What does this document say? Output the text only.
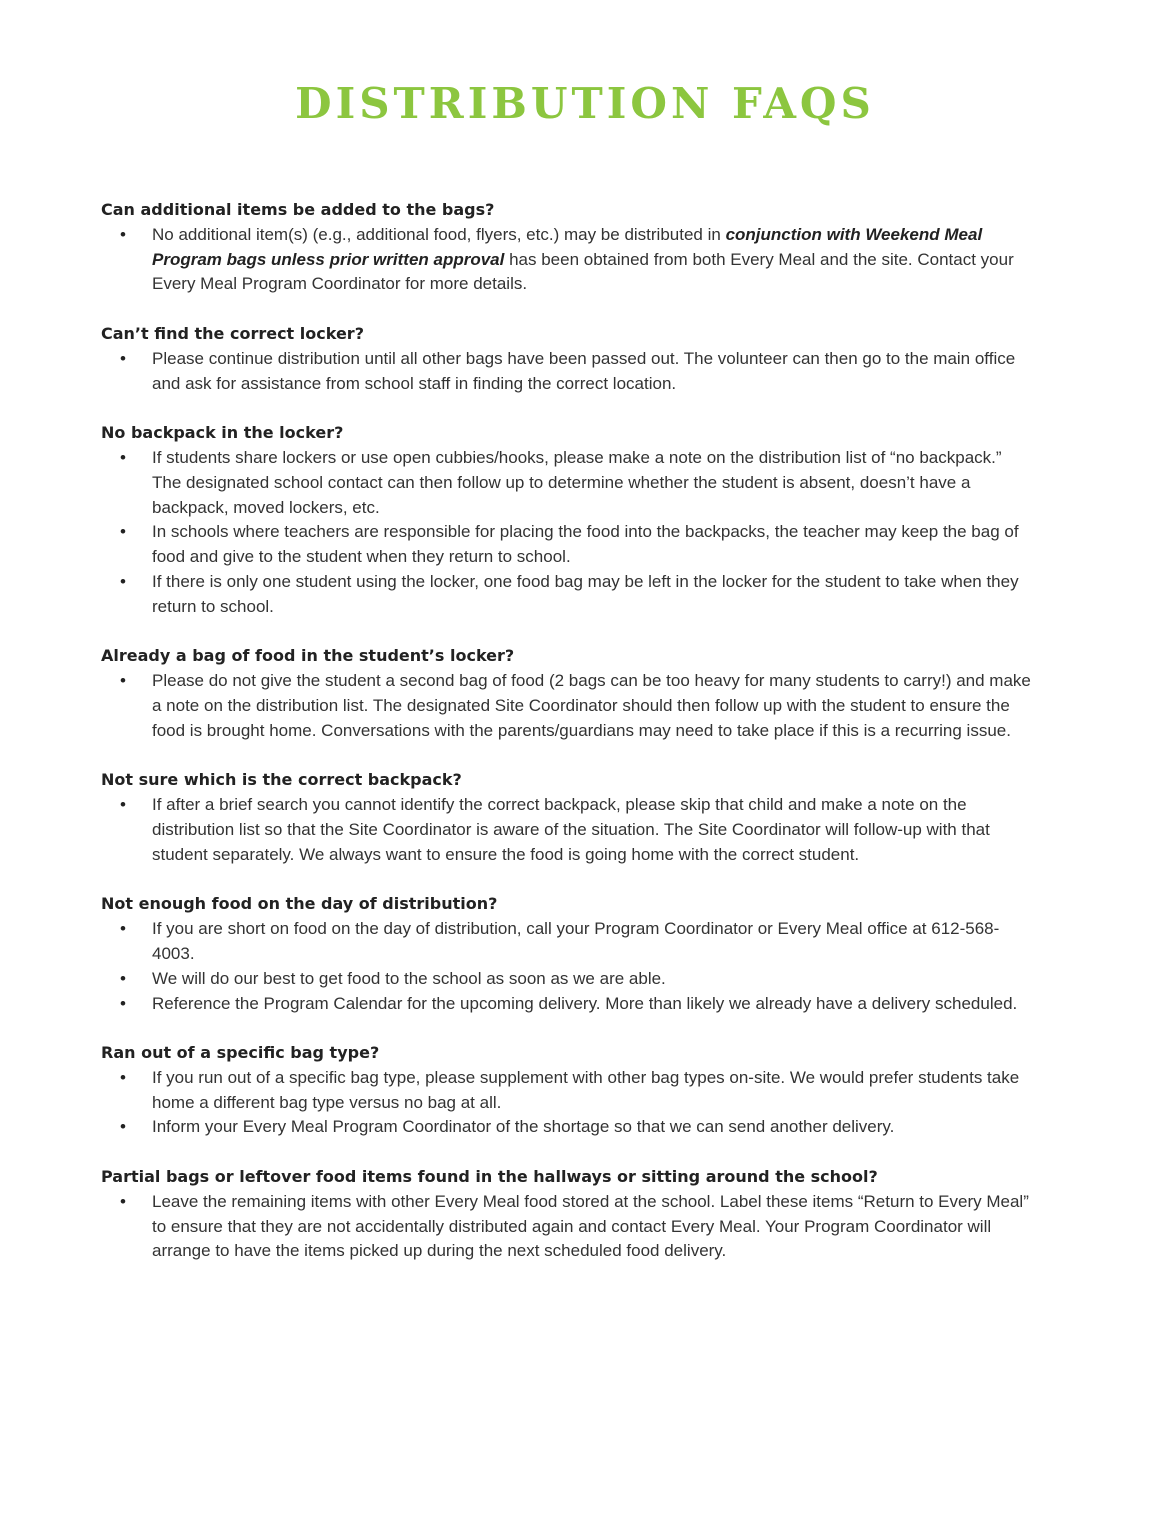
DISTRIBUTION FAQS
Can additional items be added to the bags?
• No additional item(s) (e.g., additional food, flyers, etc.) may be distributed in conjunction with Weekend Meal Program bags unless prior written approval has been obtained from both Every Meal and the site. Contact your Every Meal Program Coordinator for more details.
Can’t find the correct locker?
• Please continue distribution until all other bags have been passed out. The volunteer can then go to the main office and ask for assistance from school staff in finding the correct location.
No backpack in the locker?
• If students share lockers or use open cubbies/hooks, please make a note on the distribution list of “no backpack.” The designated school contact can then follow up to determine whether the student is absent, doesn’t have a backpack, moved lockers, etc.
• In schools where teachers are responsible for placing the food into the backpacks, the teacher may keep the bag of food and give to the student when they return to school.
• If there is only one student using the locker, one food bag may be left in the locker for the student to take when they return to school.
Already a bag of food in the student’s locker?
• Please do not give the student a second bag of food (2 bags can be too heavy for many students to carry!) and make a note on the distribution list. The designated Site Coordinator should then follow up with the student to ensure the food is brought home. Conversations with the parents/guardians may need to take place if this is a recurring issue.
Not sure which is the correct backpack?
• If after a brief search you cannot identify the correct backpack, please skip that child and make a note on the distribution list so that the Site Coordinator is aware of the situation. The Site Coordinator will follow-up with that student separately. We always want to ensure the food is going home with the correct student.
Not enough food on the day of distribution?
• If you are short on food on the day of distribution, call your Program Coordinator or Every Meal office at 612-568-4003.
• We will do our best to get food to the school as soon as we are able.
• Reference the Program Calendar for the upcoming delivery. More than likely we already have a delivery scheduled.
Ran out of a specific bag type?
• If you run out of a specific bag type, please supplement with other bag types on-site. We would prefer students take home a different bag type versus no bag at all.
• Inform your Every Meal Program Coordinator of the shortage so that we can send another delivery.
Partial bags or leftover food items found in the hallways or sitting around the school?
• Leave the remaining items with other Every Meal food stored at the school. Label these items “Return to Every Meal” to ensure that they are not accidentally distributed again and contact Every Meal. Your Program Coordinator will arrange to have the items picked up during the next scheduled food delivery.
